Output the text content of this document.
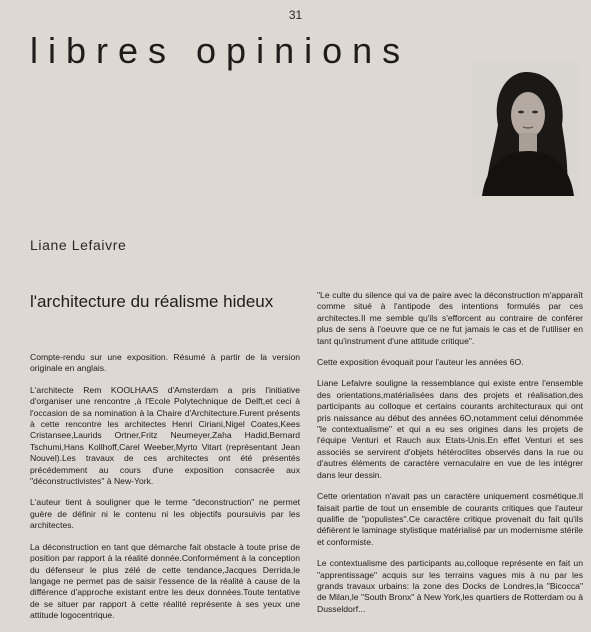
31
libres opinions
Liane Lefaivre
l'architecture du réalisme hideux

Compte-rendu sur une exposition. Résumé à partir de la version originale en anglais.

L'architecte Rem KOOLHAAS d'Amsterdam a pris l'initiative d'organiser une rencontre ,à l'Ecole Polytechnique de Delft,et ceci à l'occasion de sa nomination à la Chaire d'Architecture.Furent présents à cette rencontre les architectes Henri Ciriani,Nigel Coates,Kees Cristansee,Laurids Ortner,Fritz Neumeyer,Zaha Hadid,Bernard Tschumi,Hans Kollhoff,Carel Weeber,Myrto Vitart (représentant Jean Nouvel).Les travaux de ces architectes ont été présentés précédemment au cours d'une exposition consacrée aux "déconstructivistes" à New-York.

L'auteur tient à souligner que le terme "deconstruction" ne permet guère de définir ni le contenu ni les objectifs poursuivis par les architectes.

La déconstruction en tant que démarche fait obstacle à toute prise de position par rapport à la réalité donnée.Conformément à la conception du défenseur le plus zélé de cette tendance,Jacques Derrida,le langage ne permet pas de saisir l'essence de la réalité à cause de la différence d'approche existant entre les deux données.Toute tentative de se situer par rapport à cette réalité représente à ses yeux une attitude logocentrique.

"Le culte du silence qui va de paire avec la déconstruction m'apparaît comme situé à l'antipode des intentions formulés par ces architectes.Il me semble qu'ils s'efforcent au contraire de conférer plus de sens à l'oeuvre que ce ne fut jamais le cas et de l'utiliser en tant qu'instrument d'une attitude critique".

Cette exposition évoquait pour l'auteur les années 6O.

Liane Lefaivre souligne la ressemblance qui existe entre l'ensemble des orientations,matérialisées dans des projets et réalisation,des participants au colloque et certains courants architecturaux qui ont pris naissance au début des années 6O,notamment celui dénommée "le contextualisme" et qui a eu ses origines dans les projets de l'équipe Venturi et Rauch aux Etats-Unis.En effet Venturi et ses associés se servirent d'objets hétéroclites observés dans la rue ou d'autres éléments de caractère vernaculaire en vue de les intégrer dans leur dessin.

Cette orientation n'avait pas un caractère uniquement cosmétique.Il faisait partie de tout un ensemble de courants critiques que l'auteur qualifie de "populistes".Ce caractère critique provenait du fait qu'ils défièrent le laminage stylistique matérialisé par un modernisme stérile et conformiste.

Le contextualisme des participants au,colloque représente en fait un "apprentissage" acquis sur les terrains vagues mis à nu par les grands travaux urbains: la zone des Docks de Londres,la "Bicocca" de Milan,le "South Bronx" à New York,les quartiers de Rotterdam ou à Dusseldorf...
